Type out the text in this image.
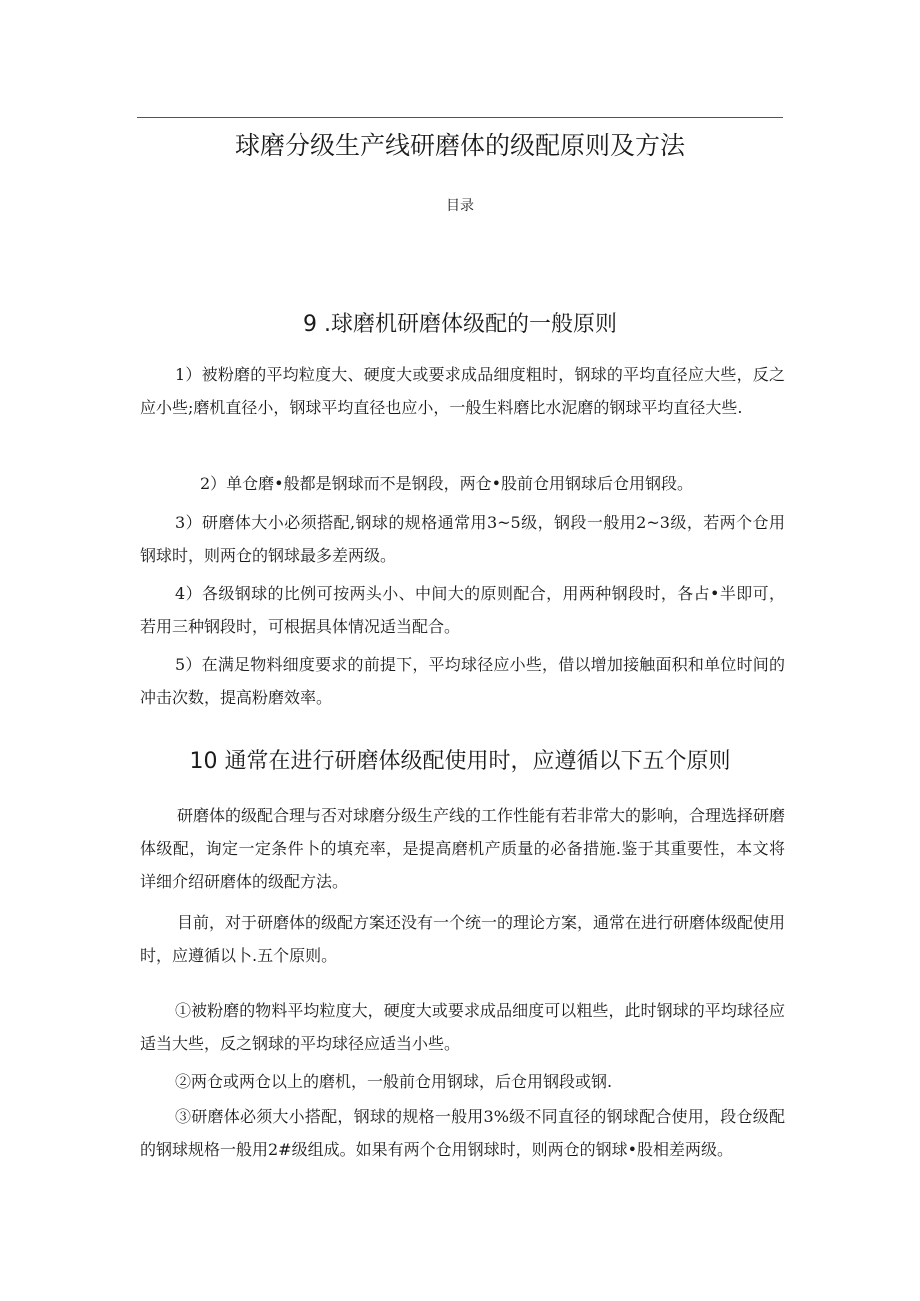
球磨分级生产线研磨体的级配原则及方法
目录
9 .球磨机研磨体级配的一般原则

1）被粉磨的平均粒度大、硬度大或要求成品细度粗时，钢球的平均直径应大些，反之应小些;磨机直径小，钢球平均直径也应小，一般生料磨比水泥磨的钢球平均直径大些.

2）单仓磨•般都是钢球而不是钢段，两仓•股前仓用钢球后仓用钢段。

3）研磨体大小必须搭配,钢球的规格通常用3~5级，钢段一般用2~3级，若两个仓用钢球时，则两仓的钢球最多差两级。

4）各级钢球的比例可按两头小、中间大的原则配合，用两种钢段时，各占•半即可，若用三种钢段时，可根据具体情况适当配合。

5）在满足物料细度要求的前提下，平均球径应小些，借以增加接触面积和单位时间的冲击次数，提高粉磨效率。

10 通常在进行研磨体级配使用时，应遵循以下五个原则

研磨体的级配合理与否对球磨分级生产线的工作性能有若非常大的影响，合理选择研磨体级配，询定一定条件卜的填充率，是提高磨机产质量的必备措施.鉴于其重要性，本文将详细介绍研磨体的级配方法。

目前，对于研磨体的级配方案还没有一个统一的理论方案，通常在进行研磨体级配使用时，应遵循以卜.五个原则。

①被粉磨的物料平均粒度大，硬度大或要求成品细度可以粗些，此时钢球的平均球径应适当大些，反之钢球的平均球径应适当小些。

②两仓或两仓以上的磨机，一般前仓用钢球，后仓用钢段或钢.

③研磨体必须大小搭配，钢球的规格一般用3%级不同直径的钢球配合使用，段仓级配的钢球规格一般用2#级组成。如果有两个仓用钢球时，则两仓的钢球•股相差两级。
